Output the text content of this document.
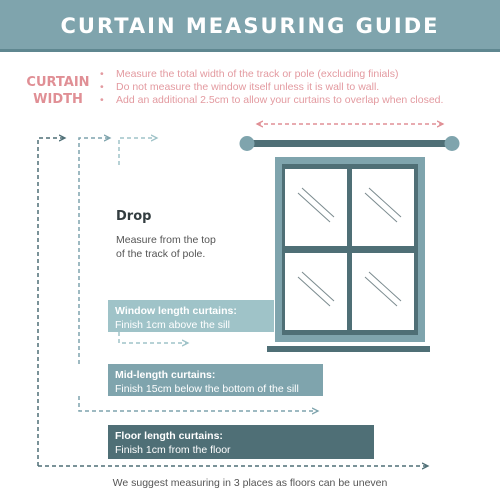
CURTAIN MEASURING GUIDE
CURTAIN
WIDTH
• Measure the total width of the track or pole (excluding finials)
• Do not measure the window itself unless it is wall to wall.
• Add an additional 2.5cm to allow your curtains to overlap when closed.
Drop
Measure from the top of the track of pole.
Window length curtains:
Finish 1cm above the sill
Mid-length curtains:
Finish 15cm below the bottom of the sill
Floor length curtains:
Finish 1cm from the floor
We suggest measuring in 3 places as floors can be uneven
